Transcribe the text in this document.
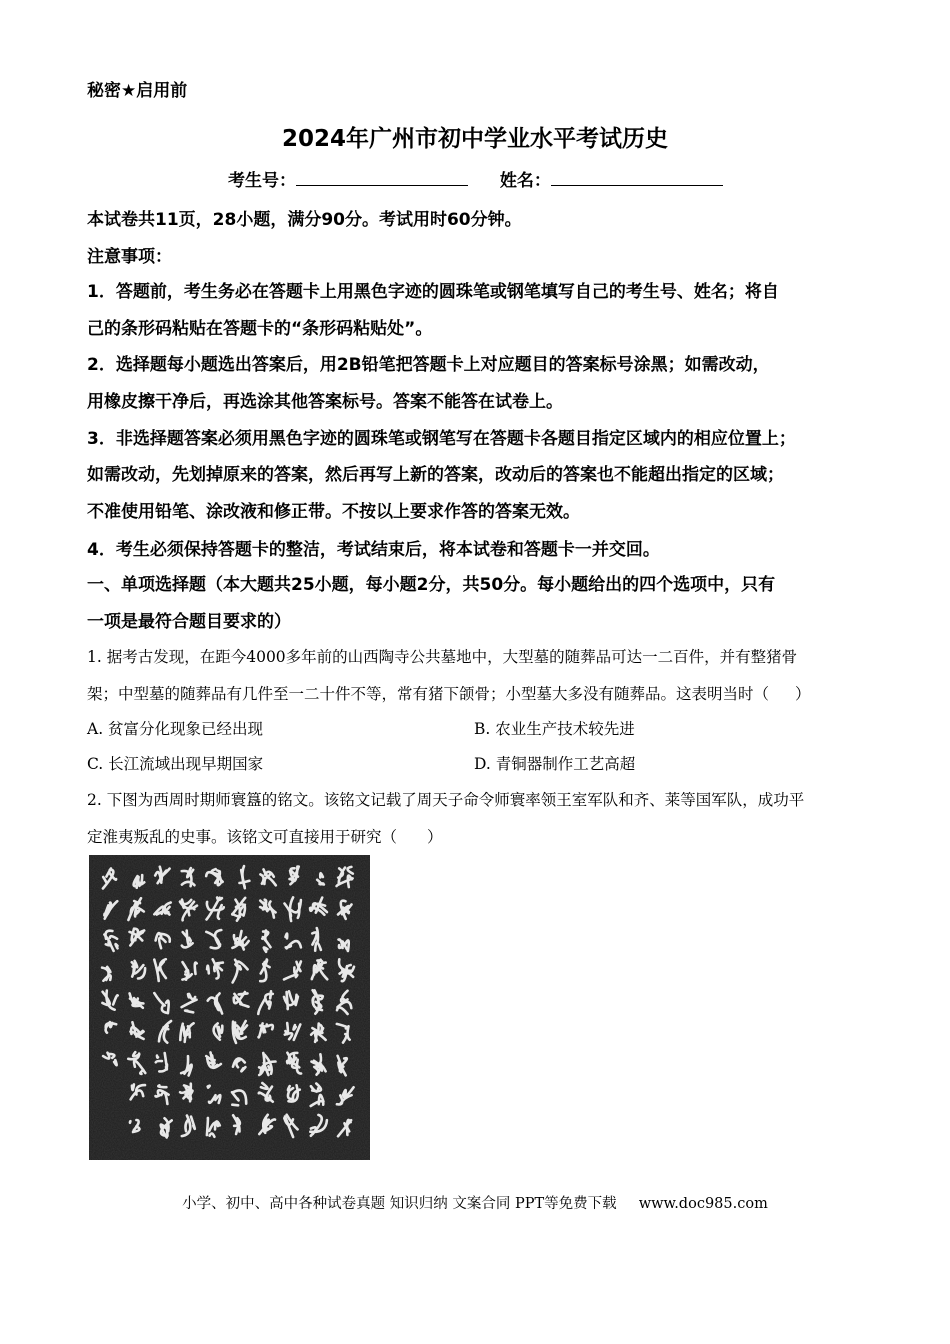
秘密★启用前
2024年广州市初中学业水平考试历史
考生号：	姓名：
本试卷共11页，28小题，满分90分。考试用时60分钟。
注意事项：
1．答题前，考生务必在答题卡上用黑色字迹的圆珠笔或钢笔填写自己的考生号、姓名；将自
己的条形码粘贴在答题卡的“条形码粘贴处”。
2．选择题每小题选出答案后，用2B铅笔把答题卡上对应题目的答案标号涂黑；如需改动，
用橡皮擦干净后，再选涂其他答案标号。答案不能答在试卷上。
3．非选择题答案必须用黑色字迹的圆珠笔或钢笔写在答题卡各题目指定区域内的相应位置上；
如需改动，先划掉原来的答案，然后再写上新的答案，改动后的答案也不能超出指定的区域；
不准使用铅笔、涂改液和修正带。不按以上要求作答的答案无效。
4．考生必须保持答题卡的整洁，考试结束后，将本试卷和答题卡一并交回。
一、单项选择题（本大题共25小题，每小题2分，共50分。每小题给出的四个选项中，只有
一项是最符合题目要求的）
1. 据考古发现，在距今4000多年前的山西陶寺公共墓地中，大型墓的随葬品可达一二百件，并有整猪骨
架；中型墓的随葬品有几件至一二十件不等，常有猪下颌骨；小型墓大多没有随葬品。这表明当时（ ）
A. 贫富分化现象已经出现	B. 农业生产技术较先进
C. 长江流域出现早期国家	D. 青铜器制作工艺高超
2. 下图为西周时期师寰簋的铭文。该铭文记载了周天子命令师寰率领王室军队和齐、莱等国军队，成功平
定淮夷叛乱的史事。该铭文可直接用于研究（ ）
小学、初中、高中各种试卷真题 知识归纳 文案合同 PPT等免费下载 www.doc985.com
